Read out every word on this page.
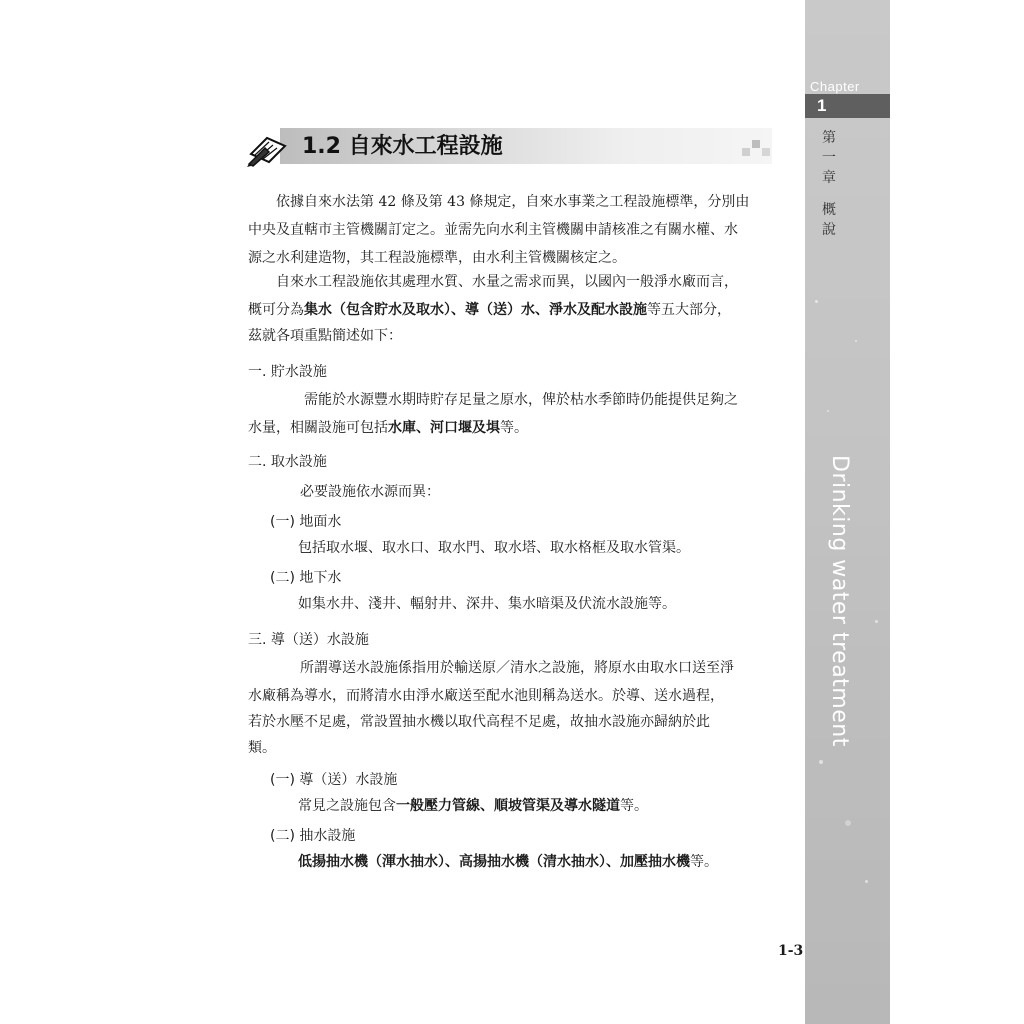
Chapter
1
第
一
章
概
說
Drinking water treatment
1.2 自來水工程設施
依據自來水法第 42 條及第 43 條規定，自來水事業之工程設施標準，分別由
中央及直轄市主管機關訂定之。並需先向水利主管機關申請核准之有關水權、水
源之水利建造物，其工程設施標準，由水利主管機關核定之。
自來水工程設施依其處理水質、水量之需求而異，以國內一般淨水廠而言，
概可分為集水（包含貯水及取水）、導（送）水、淨水及配水設施等五大部分，
茲就各項重點簡述如下：
一. 貯水設施
需能於水源豐水期時貯存足量之原水，俾於枯水季節時仍能提供足夠之
水量，相關設施可包括水庫、河口堰及埧等。
二. 取水設施
必要設施依水源而異：
(一) 地面水
包括取水堰、取水口、取水門、取水塔、取水格框及取水管渠。
(二) 地下水
如集水井、淺井、輻射井、深井、集水暗渠及伏流水設施等。
三. 導（送）水設施
所謂導送水設施係指用於輸送原／清水之設施，將原水由取水口送至淨
水廠稱為導水，而將清水由淨水廠送至配水池則稱為送水。於導、送水過程，
若於水壓不足處，常設置抽水機以取代高程不足處，故抽水設施亦歸納於此
類。
(一) 導（送）水設施
常見之設施包含一般壓力管線、順坡管渠及導水隧道等。
(二) 抽水設施
低揚抽水機（渾水抽水）、高揚抽水機（清水抽水）、加壓抽水機等。
1-3
